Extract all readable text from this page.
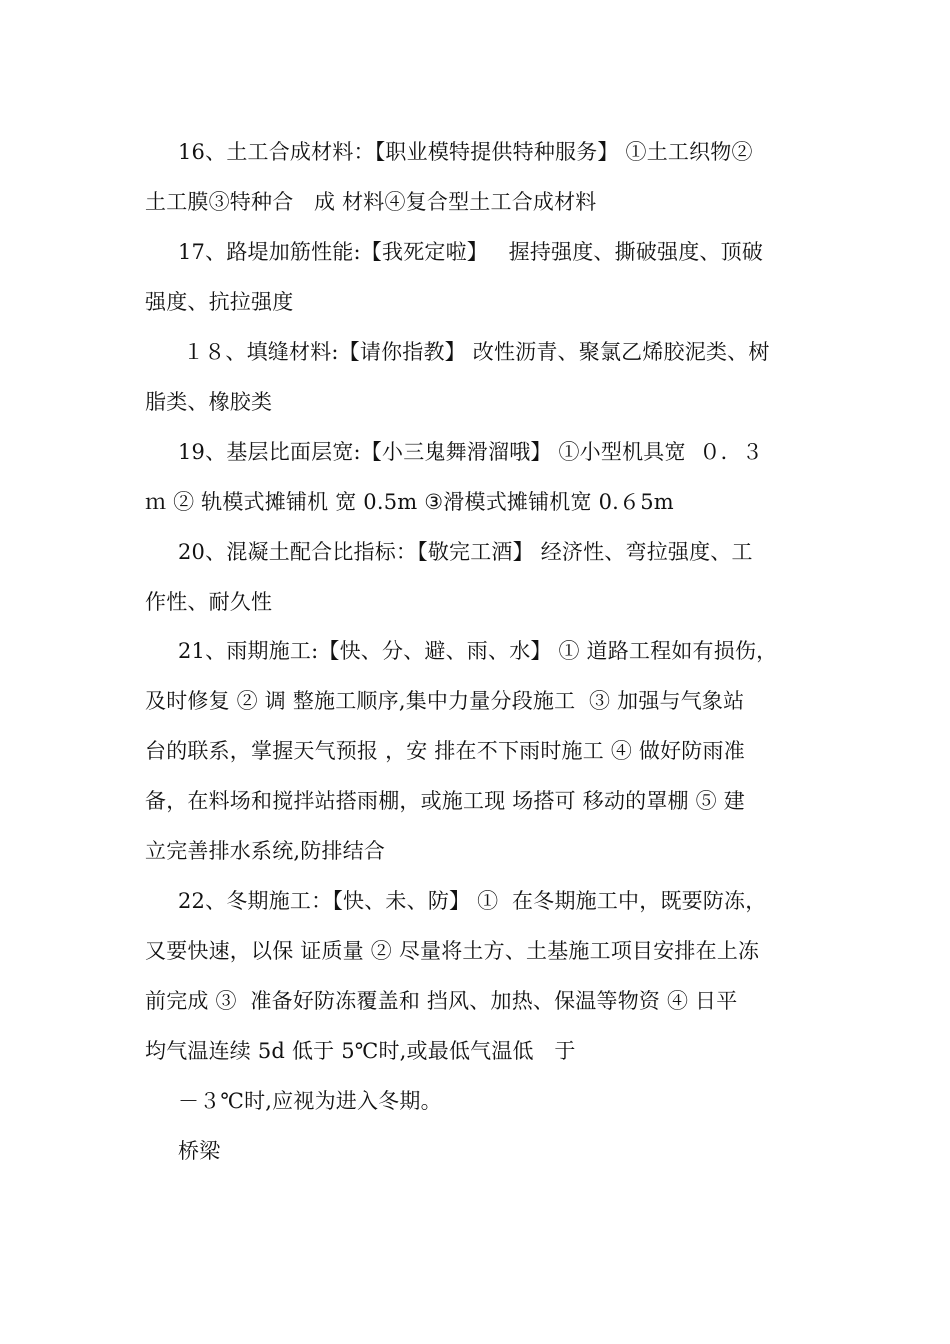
16、土工合成材料：【职业模特提供特种服务】 ①土工织物②
土工膜③特种合   成 材料④复合型土工合成材料
17、路堤加筋性能:【我死定啦】   握持强度、撕破强度、顶破
强度、抗拉强度
１８、填缝材料:【请你指教】 改性沥青、聚氯乙烯胶泥类、树
脂类、橡胶类
19、基层比面层宽:【小三鬼舞滑溜哦】 ①小型机具宽  ０．３
ｍ ② 轨模式摊铺机 宽 0.5m ③滑模式摊铺机宽 0.６5m
20、混凝土配合比指标：【敬完工酒】 经济性、弯拉强度、工
作性、耐久性
21、雨期施工:【快、分、避、雨、水】 ① 道路工程如有损伤，
及时修复 ② 调 整施工顺序,集中力量分段施工  ③ 加强与气象站
台的联系，掌握天气预报 ，安 排在不下雨时施工 ④ 做好防雨准
备，在料场和搅拌站搭雨棚，或施工现 场搭可 移动的罩棚 ⑤ 建
立完善排水系统,防排结合
22、冬期施工：【快、未、防】 ①  在冬期施工中，既要防冻，
又要快速，以保 证质量 ② 尽量将土方、土基施工项目安排在上冻
前完成 ③  准备好防冻覆盖和 挡风、加热、保温等物资 ④ 日平
均气温连续 5d 低于 5℃时,或最低气温低   于
－３℃时,应视为进入冬期。
桥梁
